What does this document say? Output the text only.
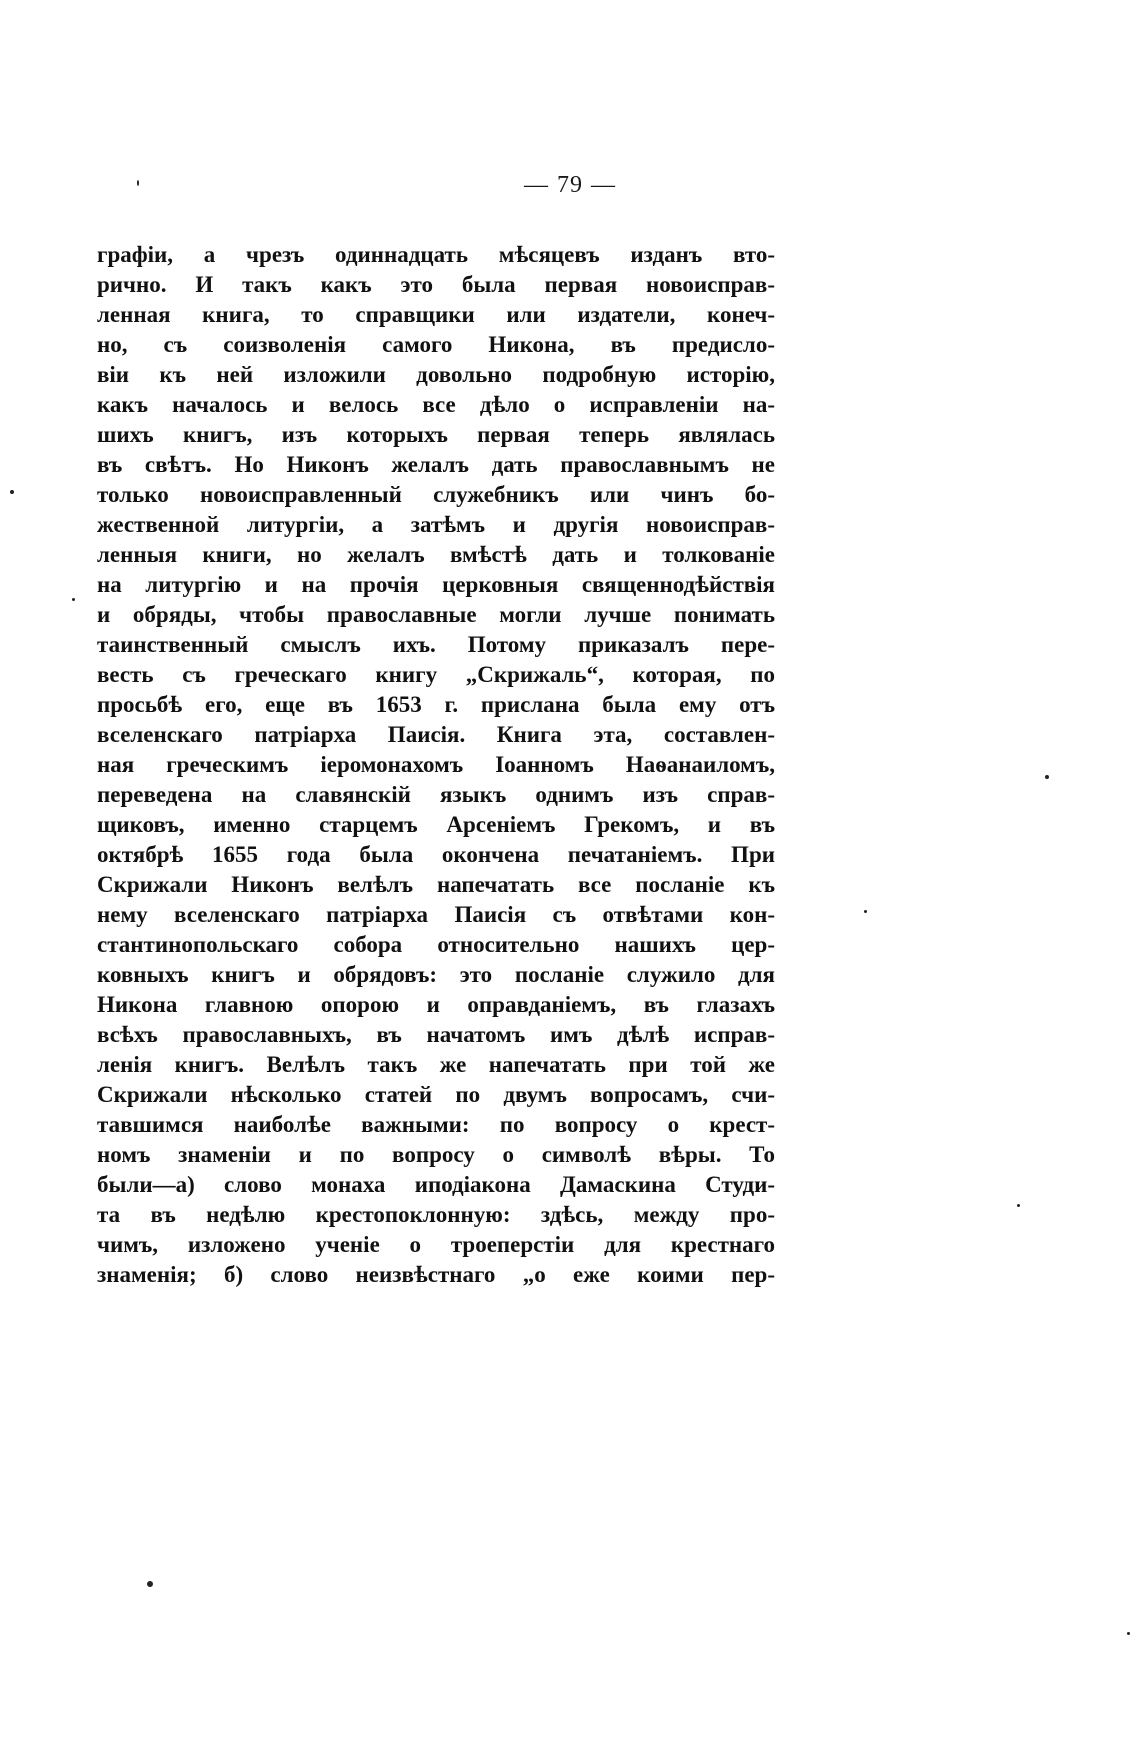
— 79 —
графіи, а чрезъ одиннадцать мѣсяцевъ изданъ вто-
рично. И такъ какъ это была первая новоисправ-
ленная книга, то справщики или издатели, конеч-
но, съ соизволенія самого Никона, въ предисло-
віи къ ней изложили довольно подробную исторію,
какъ началось и велось все дѣло о исправленіи на-
шихъ книгъ, изъ которыхъ первая теперь являлась
въ свѣтъ. Но Никонъ желалъ дать православнымъ не
только новоисправленный служебникъ или чинъ бо-
жественной литургіи, а затѣмъ и другія новоисправ-
ленныя книги, но желалъ вмѣстѣ дать и толкованіе
на литургію и на прочія церковныя священнодѣйствія
и обряды, чтобы православные могли лучше понимать
таинственный смыслъ ихъ. Потому приказалъ пере-
весть съ греческаго книгу „Скрижаль“, которая, по
просьбѣ его, еще въ 1653 г. прислана была ему отъ
вселенскаго патріарха Паисія. Книга эта, составлен-
ная греческимъ іеромонахомъ Іоанномъ Наѳанаиломъ,
переведена на славянскій языкъ однимъ изъ справ-
щиковъ, именно старцемъ Арсеніемъ Грекомъ, и въ
октябрѣ 1655 года была окончена печатаніемъ. При
Скрижали Никонъ велѣлъ напечатать все посланіе къ
нему вселенскаго патріарха Паисія съ отвѣтами кон-
стантинопольскаго собора относительно нашихъ цер-
ковныхъ книгъ и обрядовъ: это посланіе служило для
Никона главною опорою и оправданіемъ, въ глазахъ
всѣхъ православныхъ, въ начатомъ имъ дѣлѣ исправ-
ленія книгъ. Велѣлъ такъ же напечатать при той же
Скрижали нѣсколько статей по двумъ вопросамъ, счи-
тавшимся наиболѣе важными: по вопросу о крест-
номъ знаменіи и по вопросу о символѣ вѣры. То
были—а) слово монаха иподіакона Дамаскина Студи-
та въ недѣлю крестопоклонную: здѣсь, между про-
чимъ, изложено ученіе о троеперстіи для крестнаго
знаменія; б) слово неизвѣстнаго „о еже коими пер-
